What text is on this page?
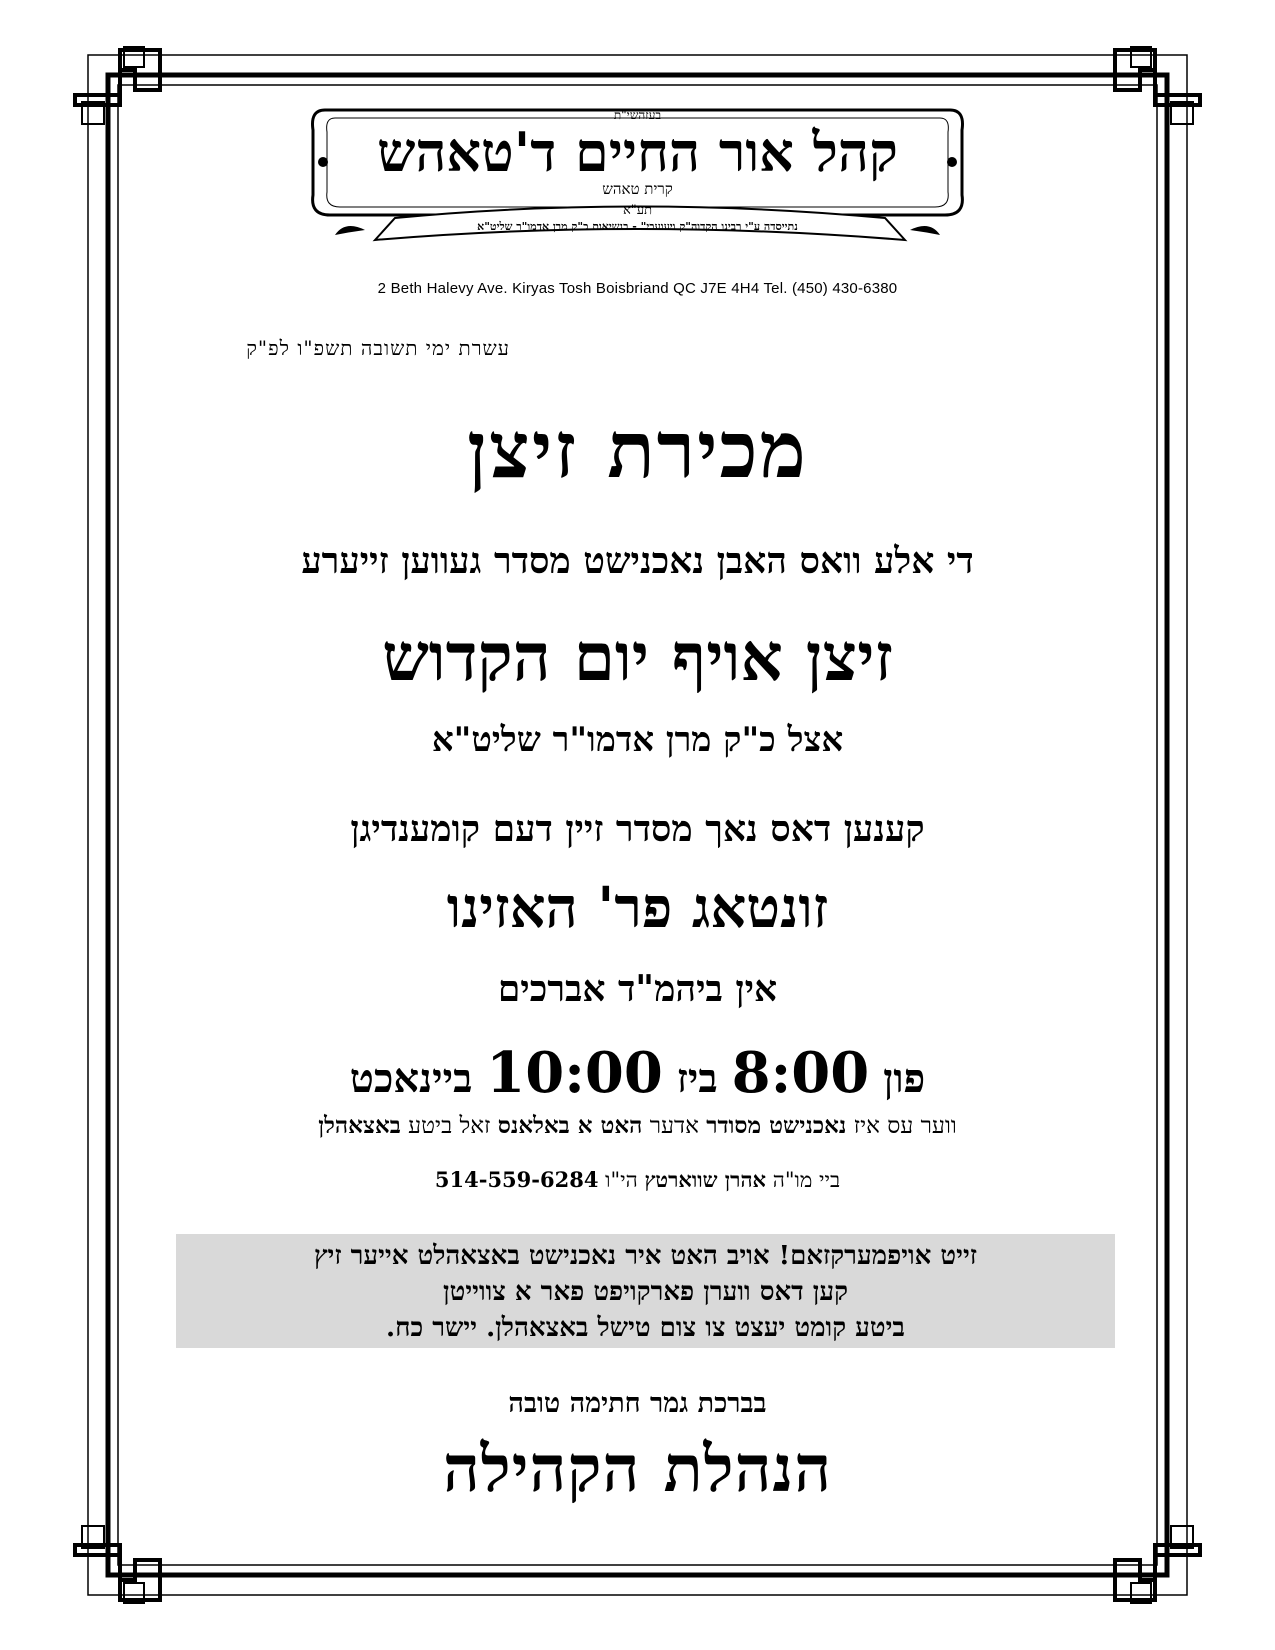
בעזהשי"ת
קהל אור החיים ד'טאהש
קרית טאהש
תע"א
נתייסדה ע"י רבינו הקדוה"ק ויעועבי" - בנשיאות כ"ק מרן אדמו"ר שליט"א
2 Beth Halevy Ave. Kiryas Tosh Boisbriand QC J7E 4H4 Tel. (450) 430-6380
עשרת ימי תשובה תשפ"ו לפ"ק
מכירת זיצן
די אלע וואס האבן נאכנישט מסדר געווען זייערע
זיצן אויף יום הקדוש
אצל כ"ק מרן אדמו"ר שליט"א
קענען דאס נאך מסדר זיין דעם קומענדיגן
זונטאג פר' האזינו
אין ביהמ"ד אברכים
פון 8:00 ביז 10:00 ביינאכט
ווער עס איז נאכנישט מסודר אדער האט א באלאנס זאל ביטע באצאהלן
ביי מו"ה אהרן שווארטץ הי"ו 514-559-6284
זייט אויפמערקזאם! אויב האט איר נאכנישט באצאהלט אייער זיץ
קען דאס ווערן פארקויפט פאר א צווייטן
ביטע קומט יעצט צו צום טישל באצאהלן. יישר כח.
בברכת גמר חתימה טובה
הנהלת הקהילה
